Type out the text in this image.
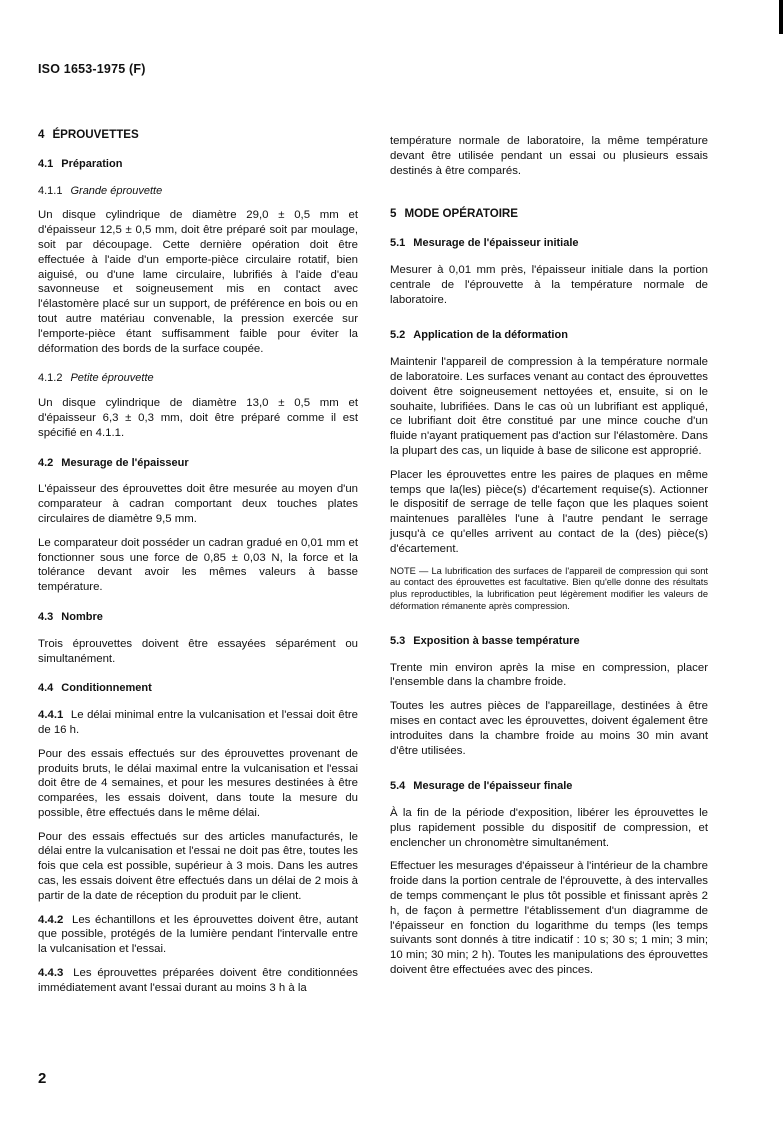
ISO 1653-1975 (F)
4 ÉPROUVETTES
4.1 Préparation
4.1.1 Grande éprouvette

Un disque cylindrique de diamètre 29,0 ± 0,5 mm et d'épaisseur 12,5 ± 0,5 mm, doit être préparé soit par moulage, soit par découpage. Cette dernière opération doit être effectuée à l'aide d'un emporte-pièce circulaire rotatif, bien aiguisé, ou d'une lame circulaire, lubrifiés à l'aide d'eau savonneuse et soigneusement mis en contact avec l'élastomère placé sur un support, de préférence en bois ou en tout autre matériau convenable, la pression exercée sur l'emporte-pièce étant suffisamment faible pour éviter la déformation des bords de la surface coupée.

4.1.2 Petite éprouvette

Un disque cylindrique de diamètre 13,0 ± 0,5 mm et d'épaisseur 6,3 ± 0,3 mm, doit être préparé comme il est spécifié en 4.1.1.

4.2 Mesurage de l'épaisseur

L'épaisseur des éprouvettes doit être mesurée au moyen d'un comparateur à cadran comportant deux touches plates circulaires de diamètre 9,5 mm.

Le comparateur doit posséder un cadran gradué en 0,01 mm et fonctionner sous une force de 0,85 ± 0,03 N, la force et la tolérance devant avoir les mêmes valeurs à basse température.

4.3 Nombre

Trois éprouvettes doivent être essayées séparément ou simultanément.

4.4 Conditionnement

4.4.1 Le délai minimal entre la vulcanisation et l'essai doit être de 16 h.

Pour des essais effectués sur des éprouvettes provenant de produits bruts, le délai maximal entre la vulcanisation et l'essai doit être de 4 semaines, et pour les mesures destinées à être comparées, les essais doivent, dans toute la mesure du possible, être effectués dans le même délai.

Pour des essais effectués sur des articles manufacturés, le délai entre la vulcanisation et l'essai ne doit pas être, toutes les fois que cela est possible, supérieur à 3 mois. Dans les autres cas, les essais doivent être effectués dans un délai de 2 mois à partir de la date de réception du produit par le client.

4.4.2 Les échantillons et les éprouvettes doivent être, autant que possible, protégés de la lumière pendant l'intervalle entre la vulcanisation et l'essai.

4.4.3 Les éprouvettes préparées doivent être conditionnées immédiatement avant l'essai durant au moins 3 h à la

température normale de laboratoire, la même température devant être utilisée pendant un essai ou plusieurs essais destinés à être comparés.

5 MODE OPÉRATOIRE
5.1 Mesurage de l'épaisseur initiale

Mesurer à 0,01 mm près, l'épaisseur initiale dans la portion centrale de l'éprouvette à la température normale de laboratoire.

5.2 Application de la déformation

Maintenir l'appareil de compression à la température normale de laboratoire. Les surfaces venant au contact des éprouvettes doivent être soigneusement nettoyées et, ensuite, si on le souhaite, lubrifiées. Dans le cas où un lubrifiant est appliqué, ce lubrifiant doit être constitué par une mince couche d'un fluide n'ayant pratiquement pas d'action sur l'élastomère. Dans la plupart des cas, un liquide à base de silicone est approprié.

Placer les éprouvettes entre les paires de plaques en même temps que la(les) pièce(s) d'écartement requise(s). Actionner le dispositif de serrage de telle façon que les plaques soient maintenues parallèles l'une à l'autre pendant le serrage jusqu'à ce qu'elles arrivent au contact de la (des) pièce(s) d'écartement.

NOTE — La lubrification des surfaces de l'appareil de compression qui sont au contact des éprouvettes est facultative. Bien qu'elle donne des résultats plus reproductibles, la lubrification peut légèrement modifier les valeurs de déformation rémanente après compression.

5.3 Exposition à basse température

Trente min environ après la mise en compression, placer l'ensemble dans la chambre froide.

Toutes les autres pièces de l'appareillage, destinées à être mises en contact avec les éprouvettes, doivent également être introduites dans la chambre froide au moins 30 min avant d'être utilisées.

5.4 Mesurage de l'épaisseur finale

À la fin de la période d'exposition, libérer les éprouvettes le plus rapidement possible du dispositif de compression, et enclencher un chronomètre simultanément.

Effectuer les mesurages d'épaisseur à l'intérieur de la chambre froide dans la portion centrale de l'éprouvette, à des intervalles de temps commençant le plus tôt possible et finissant après 2 h, de façon à permettre l'établissement d'un diagramme de l'épaisseur en fonction du logarithme du temps (les temps suivants sont donnés à titre indicatif : 10 s; 30 s; 1 min; 3 min; 10 min; 30 min; 2 h). Toutes les manipulations des éprouvettes doivent être effectuées avec des pinces.

2
